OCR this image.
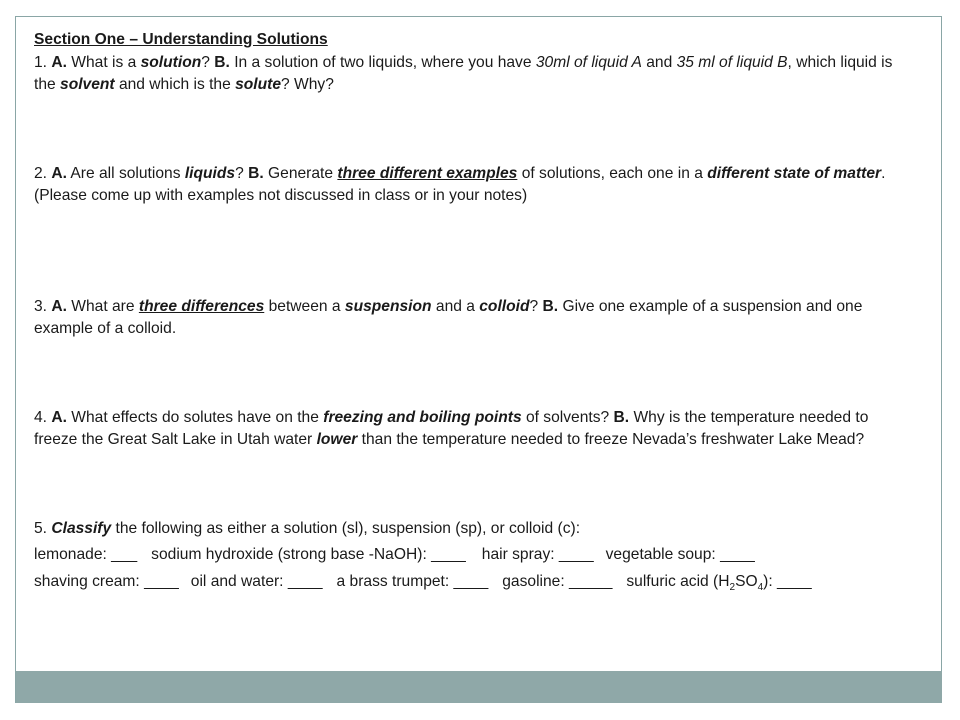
Section One – Understanding Solutions

1. A. What is a solution? B. In a solution of two liquids, where you have 30ml of liquid A and 35 ml of liquid B, which liquid is the solvent and which is the solute? Why?

2. A. Are all solutions liquids? B. Generate three different examples of solutions, each one in a different state of matter. (Please come up with examples not discussed in class or in your notes)

3. A. What are three differences between a suspension and a colloid? B. Give one example of a suspension and one example of a colloid.

4. A. What effects do solutes have on the freezing and boiling points of solvents? B. Why is the temperature needed to freeze the Great Salt Lake in Utah water lower than the temperature needed to freeze Nevada’s freshwater Lake Mead?

5. Classify the following as either a solution (sl), suspension (sp), or colloid (c):

lemonade: ___ sodium hydroxide (strong base -NaOH): ____ hair spray: ____ vegetable soup: ____

shaving cream: ____ oil and water: ____ a brass trumpet: ____ gasoline: _____ sulfuric acid $(H_2SO_4)$: ____
